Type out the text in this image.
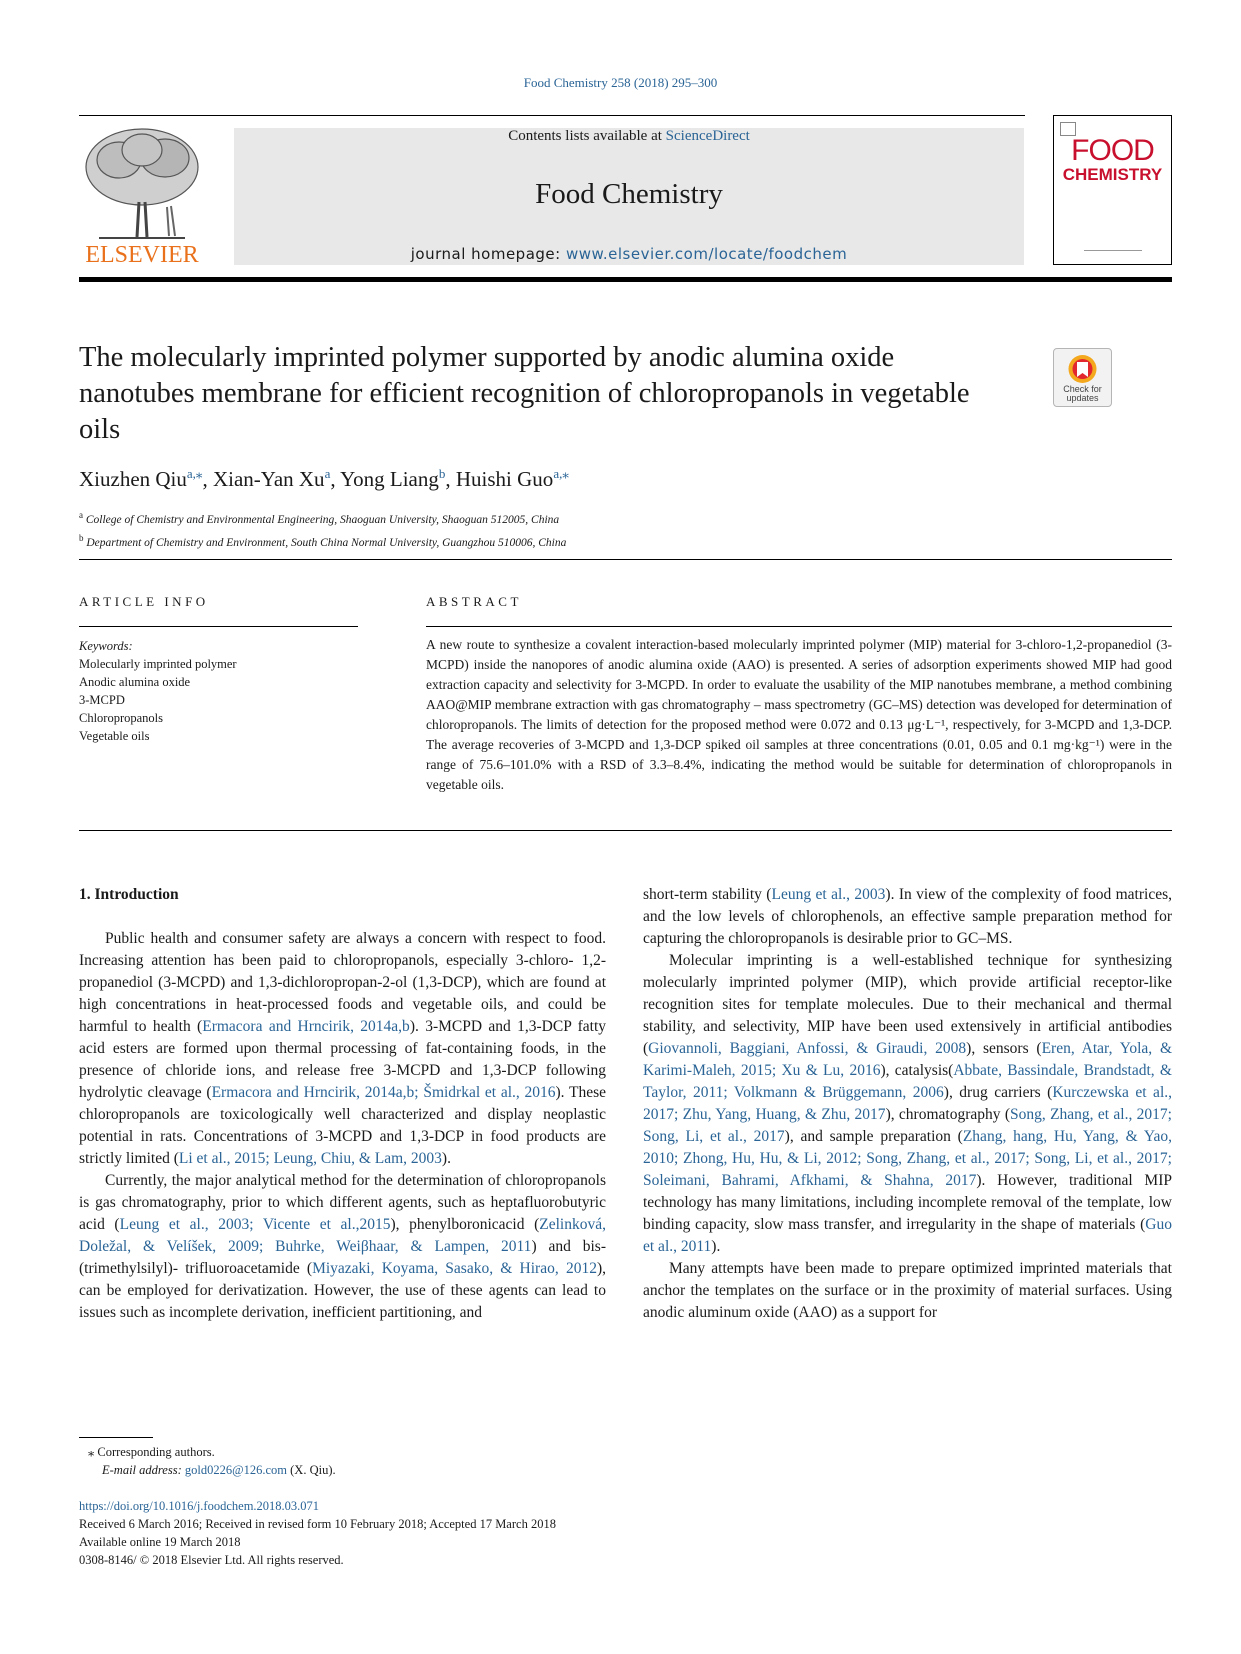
Food Chemistry 258 (2018) 295–300
ELSEVIER
Contents lists available at ScienceDirect
Food Chemistry
journal homepage: www.elsevier.com/locate/foodchem
FOOD
CHEMISTRY
The molecularly imprinted polymer supported by anodic alumina oxide nanotubes membrane for efficient recognition of chloropropanols in vegetable oils
Check for
updates
Xiuzhen Qiu$^{a,⁎}$, Xian-Yan Xu$^a$, Yong Liang$^b$, Huishi Guo$^{a,⁎}$
$^a$ College of Chemistry and Environmental Engineering, Shaoguan University, Shaoguan 512005, China
$^b$ Department of Chemistry and Environment, South China Normal University, Guangzhou 510006, China
ARTICLE INFO	ABSTRACT
Keywords:
Molecularly imprinted polymer
Anodic alumina oxide
3-MCPD
Chloropropanols
Vegetable oils
A new route to synthesize a covalent interaction-based molecularly imprinted polymer (MIP) material for 3-chloro-1,2-propanediol (3-MCPD) inside the nanopores of anodic alumina oxide (AAO) is presented. A series of adsorption experiments showed MIP had good extraction capacity and selectivity for 3-MCPD. In order to evaluate the usability of the MIP nanotubes membrane, a method combining AAO@MIP membrane extraction with gas chromatography – mass spectrometry (GC–MS) detection was developed for determination of chloropropanols. The limits of detection for the proposed method were 0.072 and 0.13 μg·L⁻¹, respectively, for 3-MCPD and 1,3-DCP. The average recoveries of 3-MCPD and 1,3-DCP spiked oil samples at three concentrations (0.01, 0.05 and 0.1 mg·kg⁻¹) were in the range of 75.6–101.0% with a RSD of 3.3–8.4%, indicating the method would be suitable for determination of chloropropanols in vegetable oils.
1. Introduction

Public health and consumer safety are always a concern with respect to food. Increasing attention has been paid to chloropropanols, especially 3-chloro- 1,2-propanediol (3-MCPD) and 1,3-dichloropropan-2-ol (1,3-DCP), which are found at high concentrations in heat-processed foods and vegetable oils, and could be harmful to health (Ermacora and Hrncirik, 2014a,b). 3-MCPD and 1,3-DCP fatty acid esters are formed upon thermal processing of fat-containing foods, in the presence of chloride ions, and release free 3-MCPD and 1,3-DCP following hydrolytic cleavage (Ermacora and Hrncirik, 2014a,b; Šmidrkal et al., 2016). These chloropropanols are toxicologically well characterized and display neoplastic potential in rats. Concentrations of 3-MCPD and 1,3-DCP in food products are strictly limited (Li et al., 2015; Leung, Chiu, & Lam, 2003).

Currently, the major analytical method for the determination of chloropropanols is gas chromatography, prior to which different agents, such as heptafluorobutyric acid (Leung et al., 2003; Vicente et al.,2015), phenylboronicacid (Zelinková, Doležal, & Velíšek, 2009; Buhrke, Weiβhaar, & Lampen, 2011) and bis-(trimethylsilyl)- trifluoroacetamide (Miyazaki, Koyama, Sasako, & Hirao, 2012), can be employed for derivatization. However, the use of these agents can lead to issues such as incomplete derivation, inefficient partitioning, and

short-term stability (Leung et al., 2003). In view of the complexity of food matrices, and the low levels of chlorophenols, an effective sample preparation method for capturing the chloropropanols is desirable prior to GC–MS.

Molecular imprinting is a well-established technique for synthesizing molecularly imprinted polymer (MIP), which provide artificial receptor-like recognition sites for template molecules. Due to their mechanical and thermal stability, and selectivity, MIP have been used extensively in artificial antibodies (Giovannoli, Baggiani, Anfossi, & Giraudi, 2008), sensors (Eren, Atar, Yola, & Karimi-Maleh, 2015; Xu & Lu, 2016), catalysis(Abbate, Bassindale, Brandstadt, & Taylor, 2011; Volkmann & Brüggemann, 2006), drug carriers (Kurczewska et al., 2017; Zhu, Yang, Huang, & Zhu, 2017), chromatography (Song, Zhang, et al., 2017; Song, Li, et al., 2017), and sample preparation (Zhang, hang, Hu, Yang, & Yao, 2010; Zhong, Hu, Hu, & Li, 2012; Song, Zhang, et al., 2017; Song, Li, et al., 2017; Soleimani, Bahrami, Afkhami, & Shahna, 2017). However, traditional MIP technology has many limitations, including incomplete removal of the template, low binding capacity, slow mass transfer, and irregularity in the shape of materials (Guo et al., 2011).

Many attempts have been made to prepare optimized imprinted materials that anchor the templates on the surface or in the proximity of material surfaces. Using anodic aluminum oxide (AAO) as a support for

⁎ Corresponding authors.
E-mail address: gold0226@126.com (X. Qiu).
https://doi.org/10.1016/j.foodchem.2018.03.071
Received 6 March 2016; Received in revised form 10 February 2018; Accepted 17 March 2018
Available online 19 March 2018
0308-8146/ © 2018 Elsevier Ltd. All rights reserved.
